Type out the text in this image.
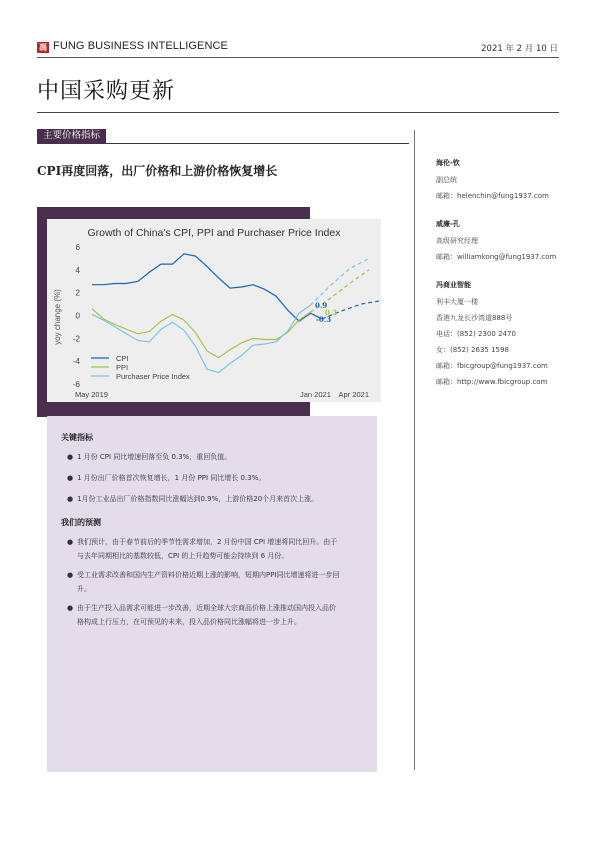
馮 FUNG BUSINESS INTELLIGENCE	2021 年 2 月 10 日
中国采购更新
主要价格指标
CPI再度回落，出厂价格和上游价格恢复增长
Growth of China's CPI, PPI and Purchaser Price Index
yoy change (%)
6
4
2
0
-2
-4
-6
0.9
0.3
-0.3
CPI
PPI
Purchaser Price Index
May 2019	Jan 2021 Apr 2021
关键指标
● 1 月份 CPI 同比增速回落至负 0.3%，重回负值。
● 1 月份出厂价格首次恢复增长，1 月份 PPI 同比增长 0.3%。
● 1月份工业品出厂价格指数同比涨幅达到0.9%，上游价格20个月来首次上涨。
我们的预测
● 我们预计，由于春节前后的季节性需求增加，2 月份中国 CPI 增速将同比回升。由于
与去年同期相比的基数较低，CPI 的上升趋势可能会持续到 6 月份。
● 受工业需求改善和国内生产资料价格近期上涨的影响，短期内PPI同比增速将进一步回
升。
● 由于生产投入品需求可能进一步改善，近期全球大宗商品价格上涨推动国内投入品价
格构成上行压力，在可预见的未来，投入品价格同比涨幅将进一步上升。
海伦-钦
副总统
邮箱：helenchin@fung1937.com
威廉-孔
高级研究经理
邮箱：williamkong@fung1937.com
冯商业智能
利丰大厦一楼
香港九龙长沙湾道888号
电话：(852) 2300 2470
女：(852) 2635 1598
邮箱：fbicgroup@fung1937.com
邮箱：http://www.fbicgroup.com
